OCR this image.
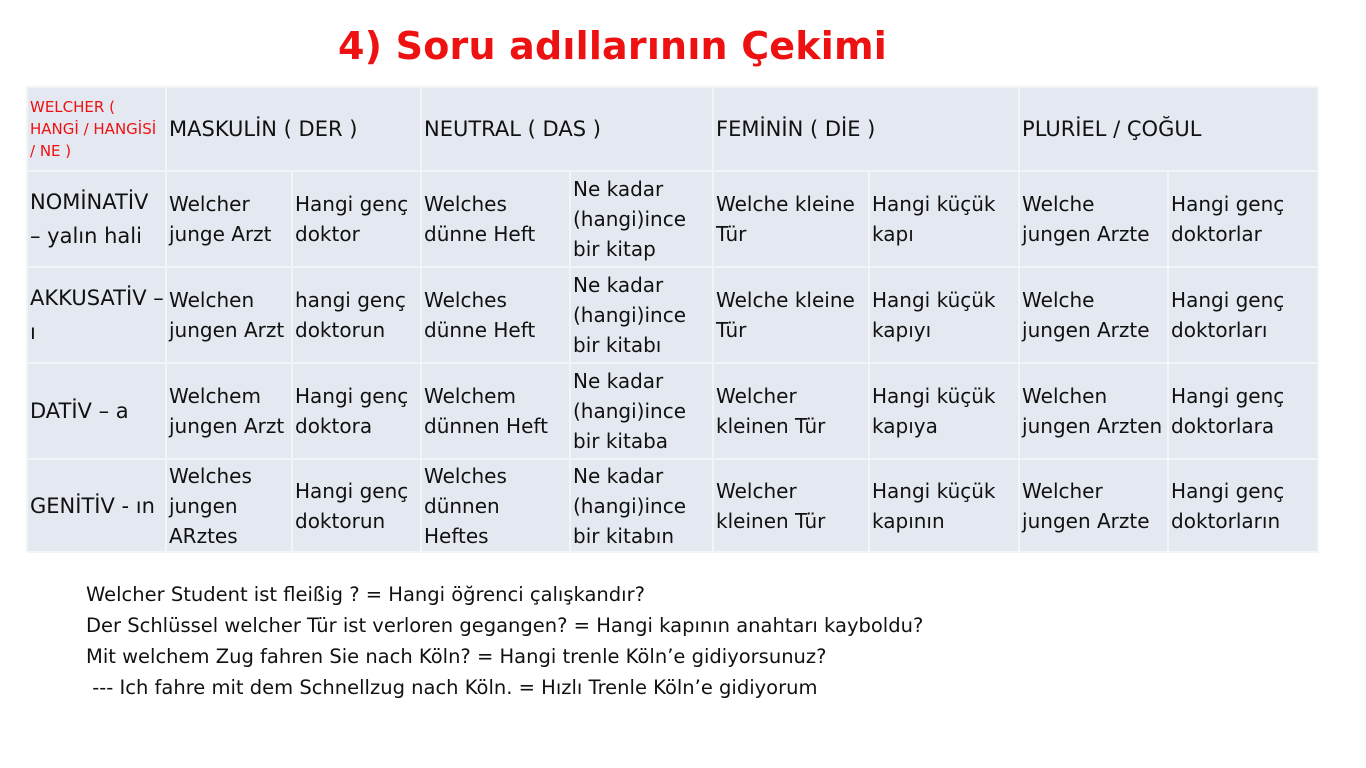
4) Soru adıllarının Çekimi
WELCHER ( HANGİ / HANGİSİ / NE )	MASKULİN ( DER )		NEUTRAL ( DAS )		FEMİNİN ( DİE )		PLURİEL / ÇOĞUL	
NOMİNATİV – yalın hali	Welcher junge Arzt	Hangi genç doktor	Welches dünne Heft	Ne kadar (hangi)ince bir kitap	Welche kleine Tür	Hangi küçük kapı	Welche jungen Arzte	Hangi genç doktorlar
AKKUSATİV – ı	Welchen jungen Arzt	hangi genç doktorun	Welches dünne Heft	Ne kadar (hangi)ince bir kitabı	Welche kleine Tür	Hangi küçük kapıyı	Welche jungen Arzte	Hangi genç doktorları
DATİV – a	Welchem jungen Arzt	Hangi genç doktora	Welchem dünnen Heft	Ne kadar (hangi)ince bir kitaba	Welcher kleinen Tür	Hangi küçük kapıya	Welchen jungen Arzten	Hangi genç doktorlara
GENİTİV - ın	Welches jungen ARztes	Hangi genç doktorun	Welches dünnen Heftes	Ne kadar (hangi)ince bir kitabın	Welcher kleinen Tür	Hangi küçük kapının	Welcher jungen Arzte	Hangi genç doktorların
Welcher Student ist fleißig ? = Hangi öğrenci çalışkandır?
Der Schlüssel welcher Tür ist verloren gegangen? = Hangi kapının anahtarı kayboldu?
Mit welchem Zug fahren Sie nach Köln? = Hangi trenle Köln’e gidiyorsunuz?
--- Ich fahre mit dem Schnellzug nach Köln. = Hızlı Trenle Köln’e gidiyorum
